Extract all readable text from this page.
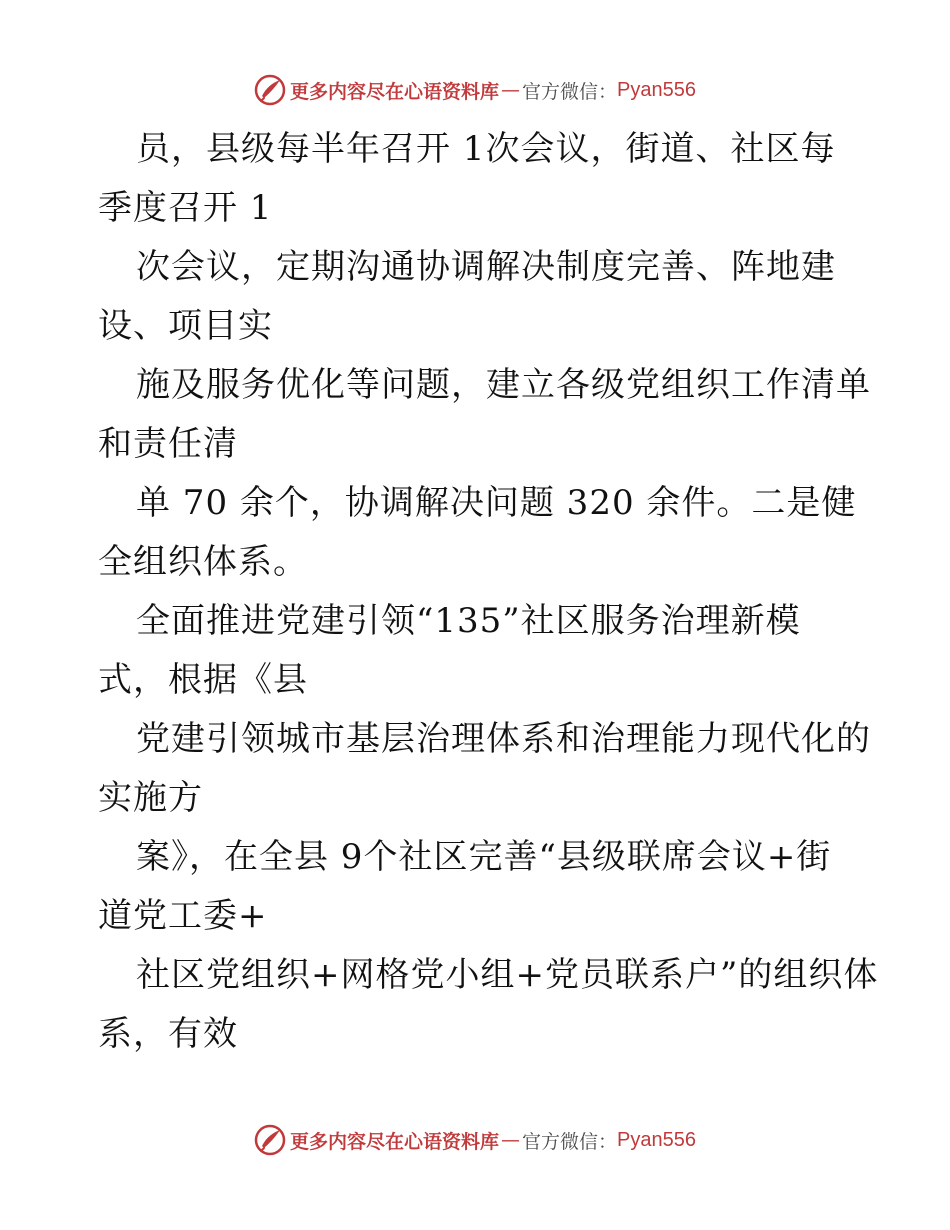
更多内容尽在心语资料库 — 官方微信： Pyan556
员，县级每半年召开 1次会议，街道、社区每
季度召开 1
次会议，定期沟通协调解决制度完善、阵地建
设、项目实
施及服务优化等问题，建立各级党组织工作清单
和责任清
单 70 余个，协调解决问题 320 余件。二是健
全组织体系。
全面推进党建引领“135”社区服务治理新模
式，根据《县
党建引领城市基层治理体系和治理能力现代化的
实施方
案》，在全县 9个社区完善“县级联席会议+街
道党工委+
社区党组织+网格党小组+党员联系户”的组织体
系，有效
更多内容尽在心语资料库 — 官方微信： Pyan556
